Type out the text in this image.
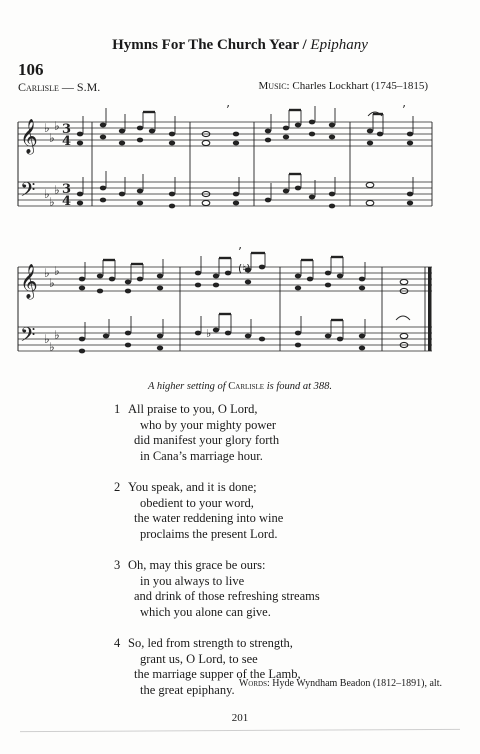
Hymns For The Church Year / Epiphany
106
Carlisle — S.M.	Music: Charles Lockhart (1745–1815)
𝄞
𝄢
♭
♭
♭
♭
♭
♭
3
4
3
4
’	’
𝄞
𝄢
♭
♭
♭
♭
♭
♭
(♮)
♭
’
A higher setting of Carlisle is found at 388.
1 All praise to you, O Lord,
who by your mighty power
did manifest your glory forth
in Cana’s marriage hour.
2 You speak, and it is done;
obedient to your word,
the water reddening into wine
proclaims the present Lord.
3 Oh, may this grace be ours:
in you always to live
and drink of those refreshing streams
which you alone can give.
4 So, led from strength to strength,
grant us, O Lord, to see
the marriage supper of the Lamb,
the great epiphany. Words: Hyde Wyndham Beadon (1812–1891), alt.
201
